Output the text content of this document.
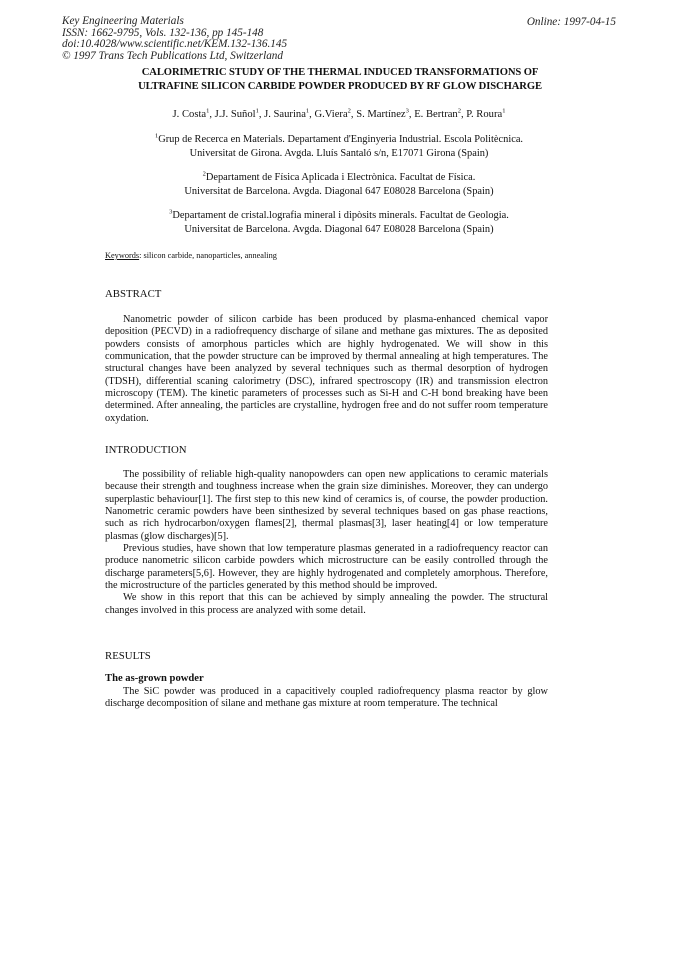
Key Engineering Materials
ISSN: 1662-9795, Vols. 132-136, pp 145-148
doi:10.4028/www.scientific.net/KEM.132-136.145
© 1997 Trans Tech Publications Ltd, Switzerland
Online: 1997-04-15
CALORIMETRIC STUDY OF THE THERMAL INDUCED TRANSFORMATIONS OF
ULTRAFINE SILICON CARBIDE POWDER PRODUCED BY RF GLOW DISCHARGE
J. Costa$^1$, J.J. Suñol$^1$, J. Saurina$^1$, G.Viera$^2$, S. Martínez$^3$, E. Bertran$^2$, P. Roura$^1$
$^1$Grup de Recerca en Materials. Departament d'Enginyeria Industrial. Escola Politècnica.
Universitat de Girona. Avgda. Lluís Santaló s/n, E17071 Girona (Spain)
$^2$Departament de Física Aplicada i Electrònica. Facultat de Física.
Universitat de Barcelona. Avgda. Diagonal 647 E08028 Barcelona (Spain)
$^3$Departament de cristal.lografia mineral i dipòsits minerals. Facultat de Geologia.
Universitat de Barcelona. Avgda. Diagonal 647 E08028 Barcelona (Spain)
Keywords: silicon carbide, nanoparticles, annealing
ABSTRACT

Nanometric powder of silicon carbide has been produced by plasma-enhanced chemical vapor deposition (PECVD) in a radiofrequency discharge of silane and methane gas mixtures. The as deposited powders consists of amorphous particles which are highly hydrogenated. We will show in this communication, that the powder structure can be improved by thermal annealing at high temperatures. The structural changes have been analyzed by several techniques such as thermal desorption of hydrogen (TDSH), differential scaning calorimetry (DSC), infrared spectroscopy (IR) and transmission electron microscopy (TEM). The kinetic parameters of processes such as Si-H and C-H bond breaking have been determined. After annealing, the particles are crystalline, hydrogen free and do not suffer room temperature oxydation.

INTRODUCTION

The possibility of reliable high-quality nanopowders can open new applications to ceramic materials because their strength and toughness increase when the grain size diminishes. Moreover, they can undergo superplastic behaviour[1]. The first step to this new kind of ceramics is, of course, the powder production. Nanometric ceramic powders have been sinthesized by several techniques based on gas phase reactions, such as rich hydrocarbon/oxygen flames[2], thermal plasmas[3], laser heating[4] or low temperature plasmas (glow discharges)[5].

Previous studies, have shown that low temperature plasmas generated in a radiofrequency reactor can produce nanometric silicon carbide powders which microstructure can be easily controlled through the discharge parameters[5,6]. However, they are highly hydrogenated and completely amorphous. Therefore, the microstructure of the particles generated by this method should be improved.

We show in this report that this can be achieved by simply annealing the powder. The structural changes involved in this process are analyzed with some detail.

RESULTS
The as-grown powder

The SiC powder was produced in a capacitively coupled radiofrequency plasma reactor by glow discharge decomposition of silane and methane gas mixture at room temperature. The technical
